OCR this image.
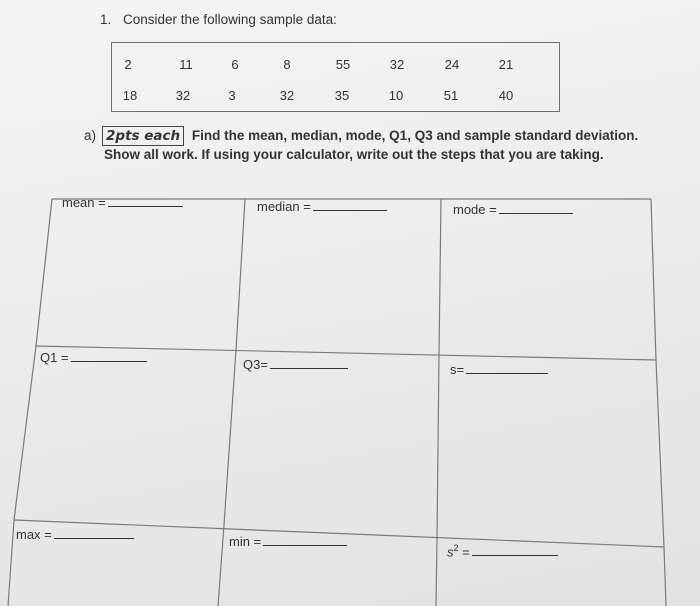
1. Consider the following sample data:
2	11	6	8	55	32	24	21
18	32	3	32	35	10	51	40
a) 2pts each Find the mean, median, mode, Q1, Q3 and sample standard deviation.
Show all work. If using your calculator, write out the steps that you are taking.
mean =	median =	mode =
Q1 =	Q3=	s=
max =	min =
$s^2$ =
